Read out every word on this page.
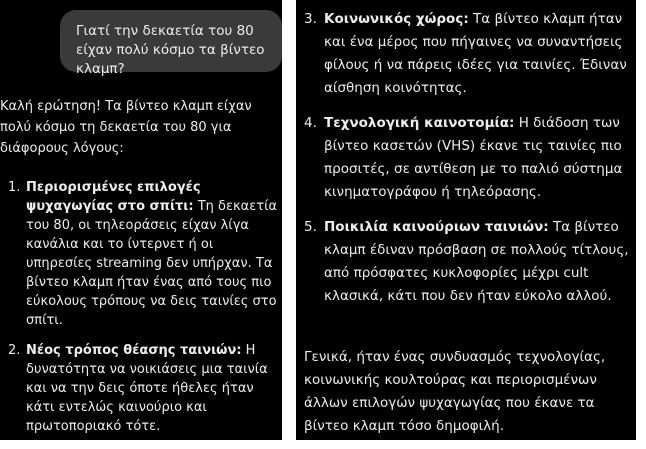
Γιατί την δεκαετία του 80 είχαν πολύ κόσμο τα βίντεο κλαμπ?

Καλή ερώτηση! Τα βίντεο κλαμπ είχαν πολύ κόσμο τη δεκαετία του 80 για διάφορους λόγους:

1. Περιορισμένες επιλογές ψυχαγωγίας στο σπίτι: Τη δεκαετία του 80, οι τηλεοράσεις είχαν λίγα κανάλια και το ίντερνετ ή οι υπηρεσίες streaming δεν υπήρχαν. Τα βίντεο κλαμπ ήταν ένας από τους πιο εύκολους τρόπους να δεις ταινίες στο σπίτι.
2. Νέος τρόπος θέασης ταινιών: Η δυνατότητα να νοικιάσεις μια ταινία και να την δεις όποτε ήθελες ήταν κάτι εντελώς καινούριο και πρωτοποριακό τότε.
3. Κοινωνικός χώρος: Τα βίντεο κλαμπ ήταν και ένα μέρος που πήγαινες να συναντήσεις φίλους ή να πάρεις ιδέες για ταινίες. Έδιναν αίσθηση κοινότητας.
4. Τεχνολογική καινοτομία: Η διάδοση των βίντεο κασετών (VHS) έκανε τις ταινίες πιο προσιτές, σε αντίθεση με το παλιό σύστημα κινηματογράφου ή τηλεόρασης.
5. Ποικιλία καινούριων ταινιών: Τα βίντεο κλαμπ έδιναν πρόσβαση σε πολλούς τίτλους, από πρόσφατες κυκλοφορίες μέχρι cult κλασικά, κάτι που δεν ήταν εύκολο αλλού.

Γενικά, ήταν ένας συνδυασμός τεχνολογίας, κοινωνικής κουλτούρας και περιορισμένων άλλων επιλογών ψυχαγωγίας που έκανε τα βίντεο κλαμπ τόσο δημοφιλή.
